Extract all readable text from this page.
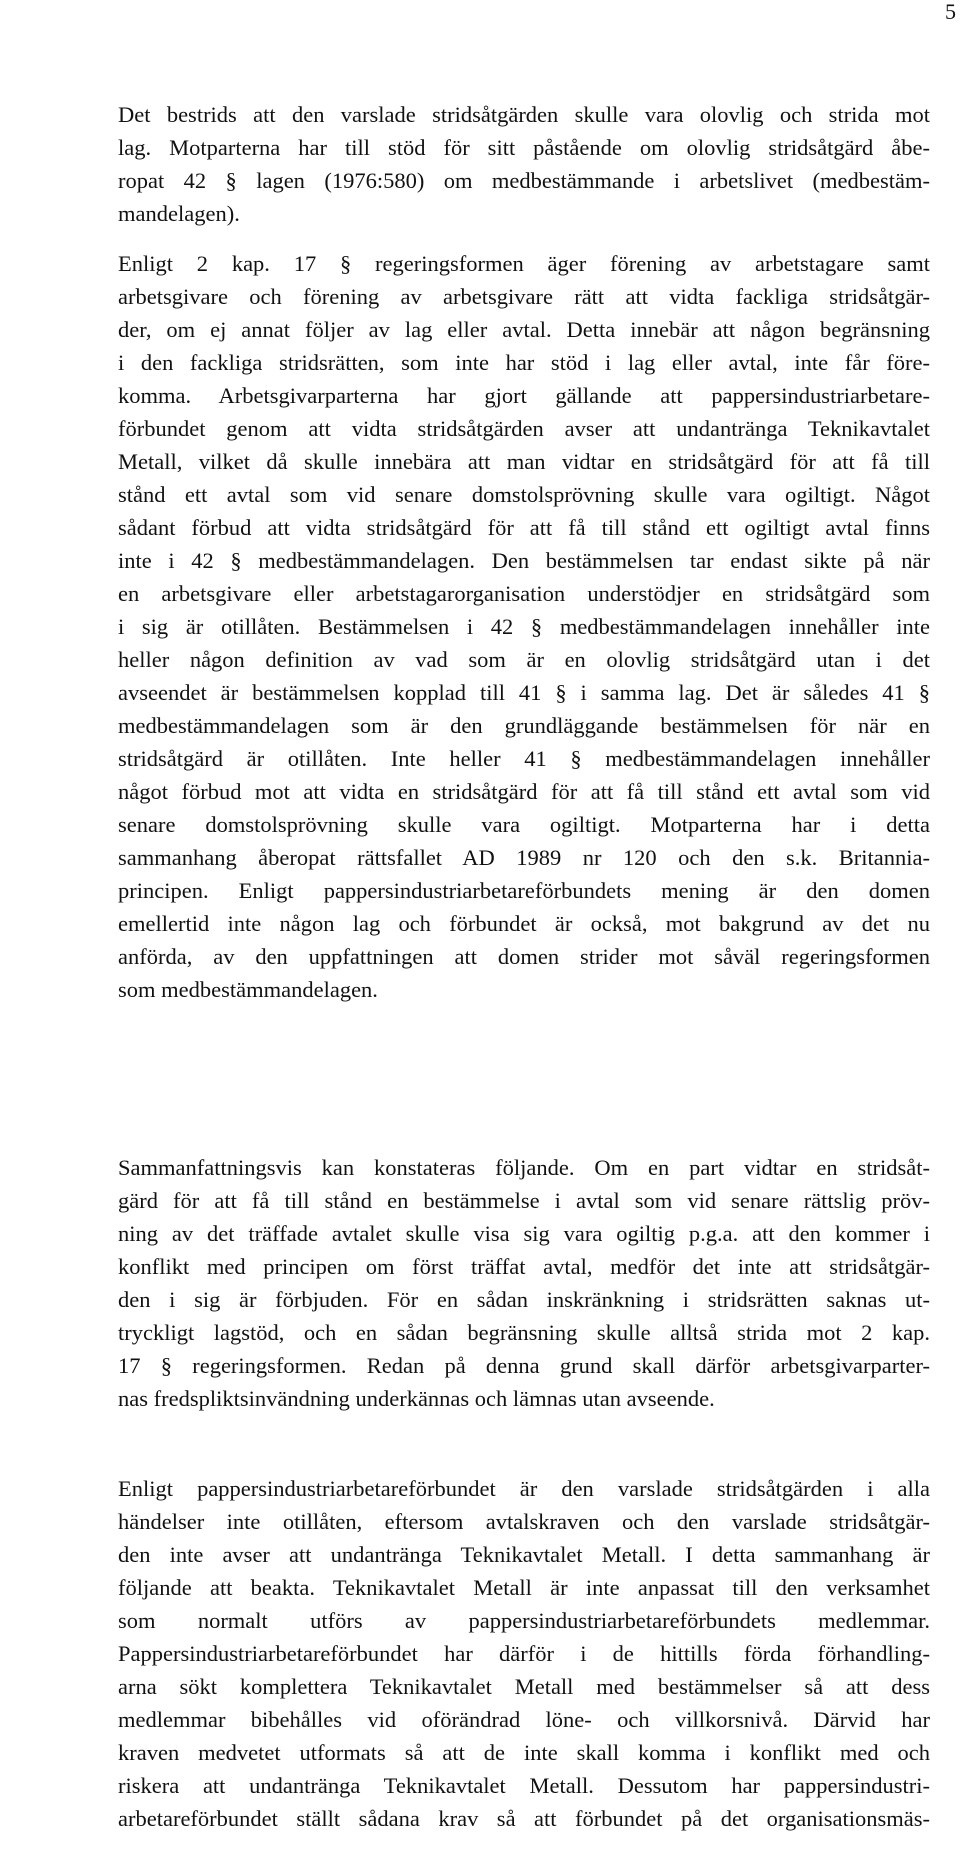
5
Det bestrids att den varslade stridsåtgärden skulle vara olovlig och strida mot
lag. Motparterna har till stöd för sitt påstående om olovlig stridsåtgärd åbe-
ropat 42 § lagen (1976:580) om medbestämmande i arbetslivet (medbestäm-
mandelagen).
Enligt 2 kap. 17 § regeringsformen äger förening av arbetstagare samt
arbetsgivare och förening av arbetsgivare rätt att vidta fackliga stridsåtgär-
der, om ej annat följer av lag eller avtal. Detta innebär att någon begränsning
i den fackliga stridsrätten, som inte har stöd i lag eller avtal, inte får före-
komma. Arbetsgivarparterna har gjort gällande att pappersindustriarbetare-
förbundet genom att vidta stridsåtgärden avser att undantränga Teknikavtalet
Metall, vilket då skulle innebära att man vidtar en stridsåtgärd för att få till
stånd ett avtal som vid senare domstolsprövning skulle vara ogiltigt. Något
sådant förbud att vidta stridsåtgärd för att få till stånd ett ogiltigt avtal finns
inte i 42 § medbestämmandelagen. Den bestämmelsen tar endast sikte på när
en arbetsgivare eller arbetstagarorganisation understödjer en stridsåtgärd som
i sig är otillåten. Bestämmelsen i 42 § medbestämmandelagen innehåller inte
heller någon definition av vad som är en olovlig stridsåtgärd utan i det
avseendet är bestämmelsen kopplad till 41 § i samma lag. Det är således 41 §
medbestämmandelagen som är den grundläggande bestämmelsen för när en
stridsåtgärd är otillåten. Inte heller 41 § medbestämmandelagen innehåller
något förbud mot att vidta en stridsåtgärd för att få till stånd ett avtal som vid
senare domstolsprövning skulle vara ogiltigt. Motparterna har i detta
sammanhang åberopat rättsfallet AD 1989 nr 120 och den s.k. Britannia-
principen. Enligt pappersindustriarbetareförbundets mening är den domen
emellertid inte någon lag och förbundet är också, mot bakgrund av det nu
anförda, av den uppfattningen att domen strider mot såväl regeringsformen
som medbestämmandelagen.
Sammanfattningsvis kan konstateras följande. Om en part vidtar en stridsåt-
gärd för att få till stånd en bestämmelse i avtal som vid senare rättslig pröv-
ning av det träffade avtalet skulle visa sig vara ogiltig p.g.a. att den kommer i
konflikt med principen om först träffat avtal, medför det inte att stridsåtgär-
den i sig är förbjuden. För en sådan inskränkning i stridsrätten saknas ut-
tryckligt lagstöd, och en sådan begränsning skulle alltså strida mot 2 kap.
17 § regeringsformen. Redan på denna grund skall därför arbetsgivarparter-
nas fredspliktsinvändning underkännas och lämnas utan avseende.
Enligt pappersindustriarbetareförbundet är den varslade stridsåtgärden i alla
händelser inte otillåten, eftersom avtalskraven och den varslade stridsåtgär-
den inte avser att undantränga Teknikavtalet Metall. I detta sammanhang är
följande att beakta. Teknikavtalet Metall är inte anpassat till den verksamhet
som normalt utförs av pappersindustriarbetareförbundets medlemmar.
Pappersindustriarbetareförbundet har därför i de hittills förda förhandling-
arna sökt komplettera Teknikavtalet Metall med bestämmelser så att dess
medlemmar bibehålles vid oförändrad löne- och villkorsnivå. Därvid har
kraven medvetet utformats så att de inte skall komma i konflikt med och
riskera att undantränga Teknikavtalet Metall. Dessutom har pappersindustri-
arbetareförbundet ställt sådana krav så att förbundet på det organisationsmäs-
